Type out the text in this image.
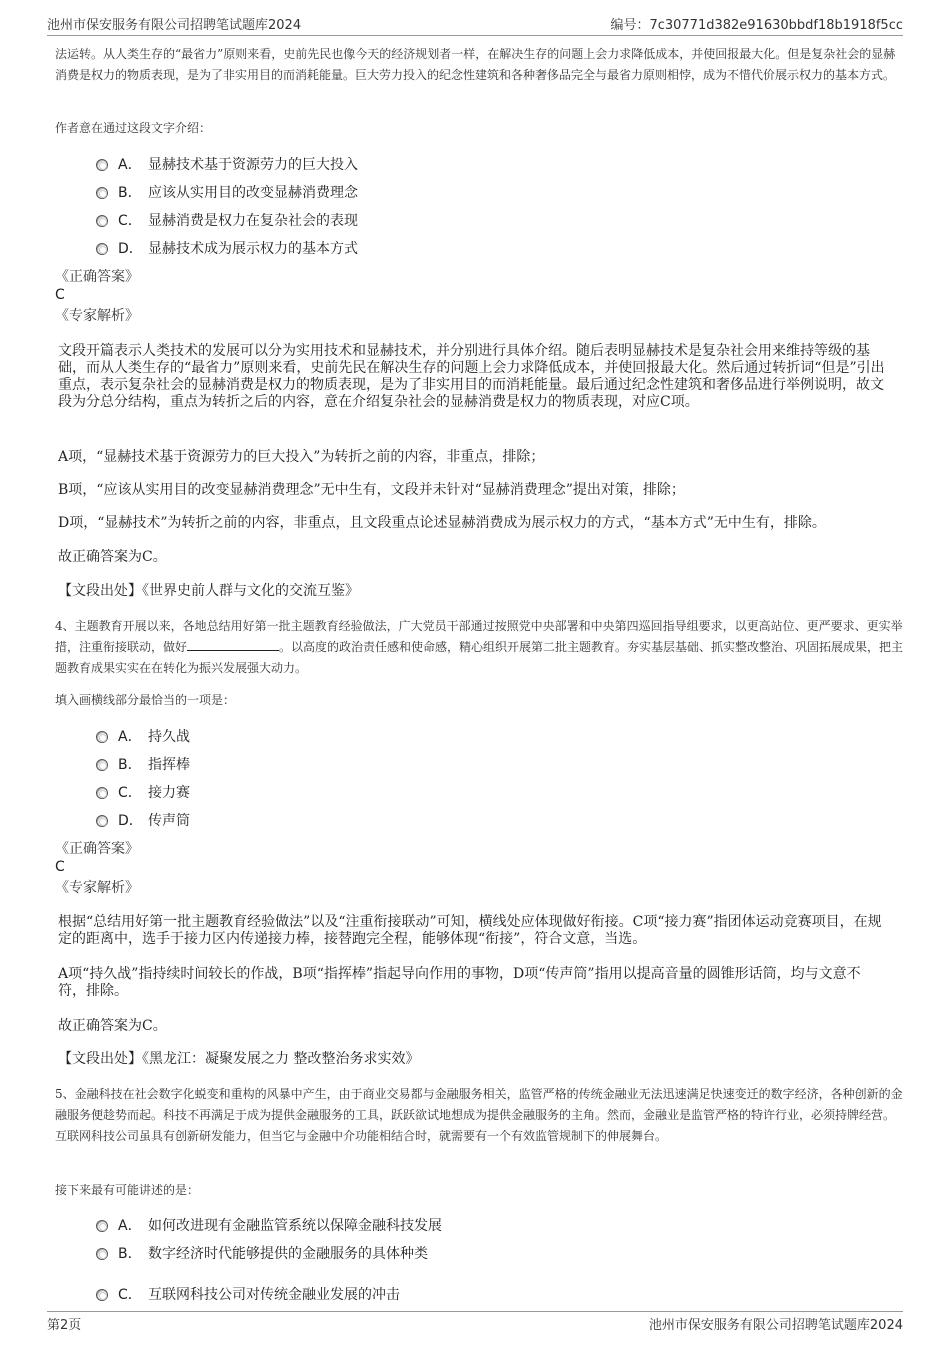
池州市保安服务有限公司招聘笔试题库2024	编号：7c30771d382e91630bbdf18b1918f5cc
法运转。从人类生存的“最省力”原则来看，史前先民也像今天的经济规划者一样，在解决生存的问题上会力求降低成本，并使回报最大化。但是复杂社会的显赫消费是权力的物质表现，是为了非实用目的而消耗能量。巨大劳力投入的纪念性建筑和各种奢侈品完全与最省力原则相悖，成为不惜代价展示权力的基本方式。
作者意在通过这段文字介绍：
A． 显赫技术基于资源劳力的巨大投入
B． 应该从实用目的改变显赫消费理念
C． 显赫消费是权力在复杂社会的表现
D． 显赫技术成为展示权力的基本方式
《正确答案》
C
《专家解析》
文段开篇表示人类技术的发展可以分为实用技术和显赫技术，并分别进行具体介绍。随后表明显赫技术是复杂社会用来维持等级的基础，而从人类生存的“最省力”原则来看，史前先民在解决生存的问题上会力求降低成本，并使回报最大化。然后通过转折词“但是”引出重点，表示复杂社会的显赫消费是权力的物质表现，是为了非实用目的而消耗能量。最后通过纪念性建筑和奢侈品进行举例说明，故文段为分总分结构，重点为转折之后的内容，意在介绍复杂社会的显赫消费是权力的物质表现，对应C项。
A项，“显赫技术基于资源劳力的巨大投入”为转折之前的内容，非重点，排除；
B项，“应该从实用目的改变显赫消费理念”无中生有，文段并未针对“显赫消费理念”提出对策，排除；
D项，“显赫技术”为转折之前的内容，非重点，且文段重点论述显赫消费成为展示权力的方式，“基本方式”无中生有，排除。
故正确答案为C。
【文段出处】《世界史前人群与文化的交流互鉴》
4、主题教育开展以来，各地总结用好第一批主题教育经验做法，广大党员干部通过按照党中央部署和中央第四巡回指导组要求，以更高站位、更严要求、更实举措，注重衔接联动，做好	。以高度的政治责任感和使命感，精心组织开展第二批主题教育。夯实基层基础、抓实整改整治、巩固拓展成果，把主题教育成果实实在在转化为振兴发展强大动力。
填入画横线部分最恰当的一项是：
A． 持久战
B． 指挥棒
C． 接力赛
D． 传声筒
《正确答案》
C
《专家解析》
根据“总结用好第一批主题教育经验做法”以及“注重衔接联动”可知，横线处应体现做好衔接。C项“接力赛”指团体运动竞赛项目，在规定的距离中，选手于接力区内传递接力棒，接替跑完全程，能够体现“衔接”，符合文意，当选。
A项“持久战”指持续时间较长的作战，B项“指挥棒”指起导向作用的事物，D项“传声筒”指用以提高音量的圆锥形话筒，均与文意不符，排除。
故正确答案为C。
【文段出处】《黑龙江：凝聚发展之力 整改整治务求实效》
5、金融科技在社会数字化蜕变和重构的风暴中产生，由于商业交易都与金融服务相关，监管严格的传统金融业无法迅速满足快速变迁的数字经济，各种创新的金融服务便趁势而起。科技不再满足于成为提供金融服务的工具，跃跃欲试地想成为提供金融服务的主角。然而，金融业是监管严格的特许行业，必须持牌经营。互联网科技公司虽具有创新研发能力，但当它与金融中介功能相结合时，就需要有一个有效监管规制下的伸展舞台。
接下来最有可能讲述的是：
A． 如何改进现有金融监管系统以保障金融科技发展
B． 数字经济时代能够提供的金融服务的具体种类
C． 互联网科技公司对传统金融业发展的冲击
第2页	池州市保安服务有限公司招聘笔试题库2024
